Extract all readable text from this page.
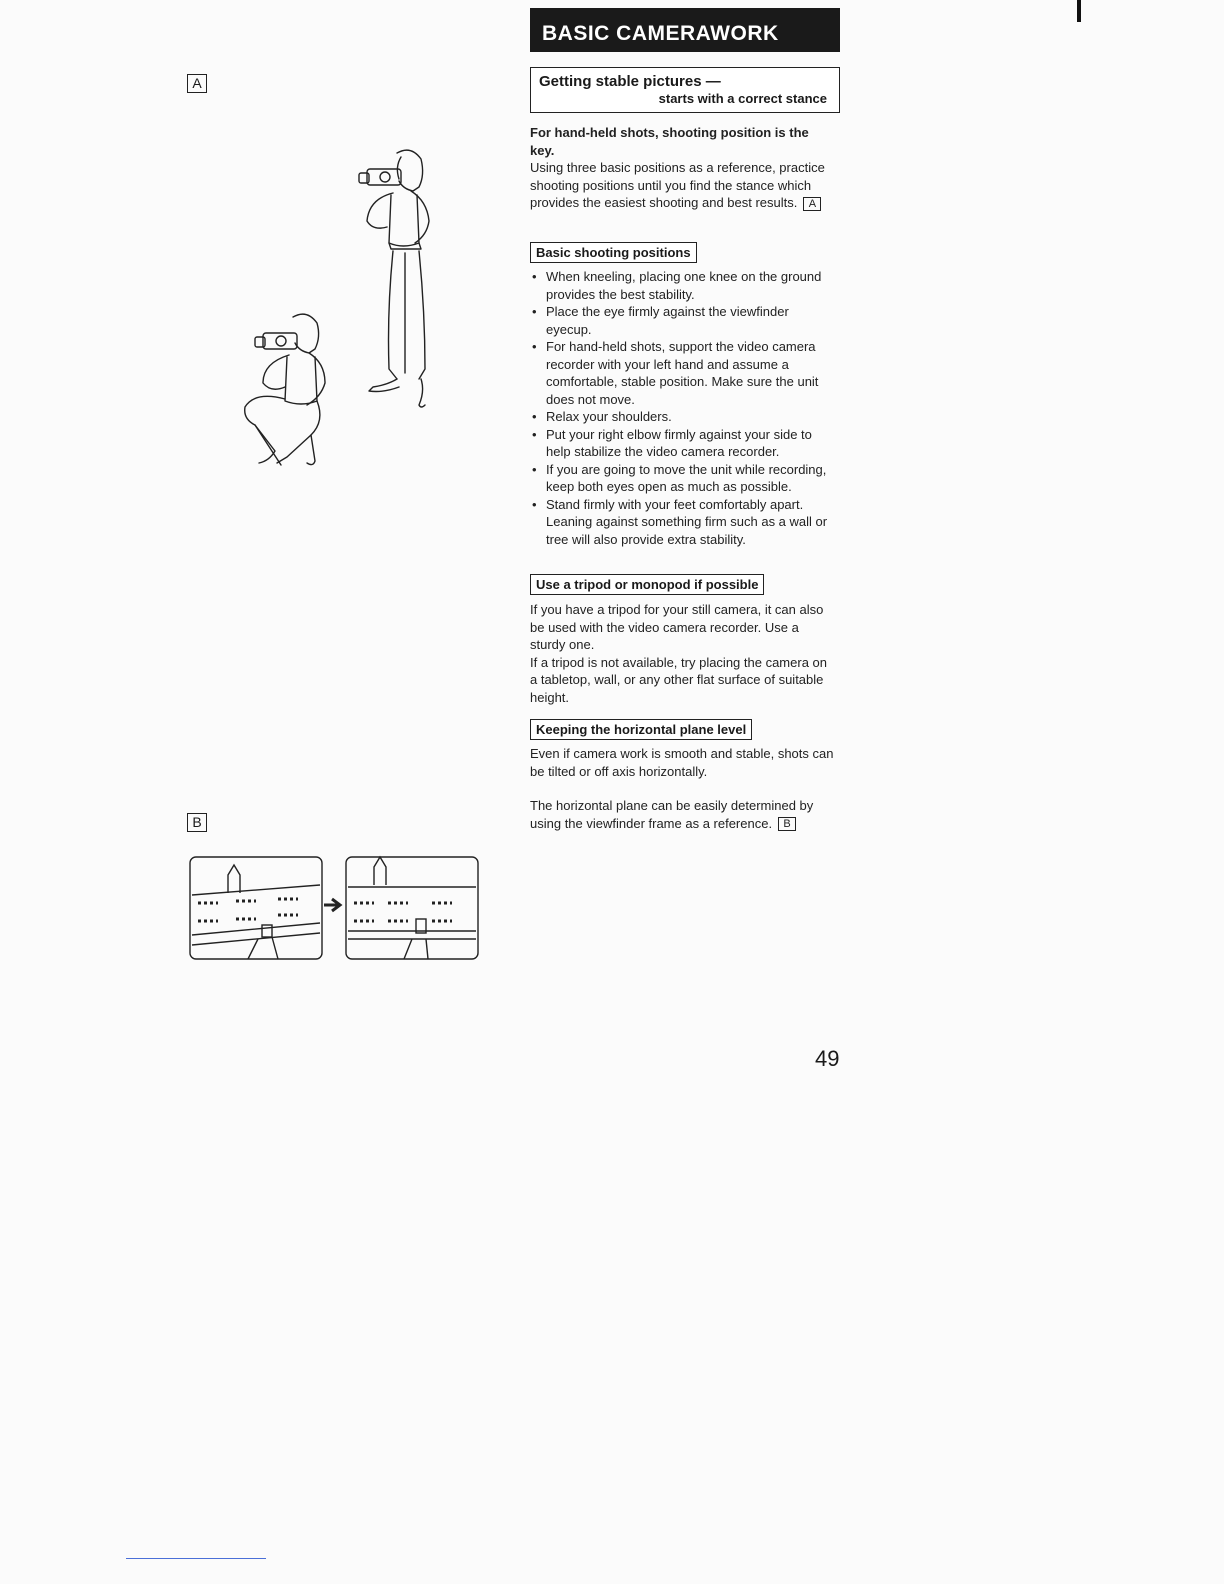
A
B
BASIC CAMERAWORK
Getting stable pictures —
starts with a correct stance
For hand-held shots, shooting position is the key.
Using three basic positions as a reference, practice shooting positions until you find the stance which provides the easiest shooting and best results. A
Basic shooting positions
• When kneeling, placing one knee on the ground provides the best stability.
• Place the eye firmly against the viewfinder eyecup.
• For hand-held shots, support the video camera recorder with your left hand and assume a comfortable, stable position. Make sure the unit does not move.
• Relax your shoulders.
• Put your right elbow firmly against your side to help stabilize the video camera recorder.
• If you are going to move the unit while recording, keep both eyes open as much as possible.
• Stand firmly with your feet comfortably apart. Leaning against something firm such as a wall or tree will also provide extra stability.
Use a tripod or monopod if possible
If you have a tripod for your still camera, it can also be used with the video camera recorder. Use a sturdy one.
If a tripod is not available, try placing the camera on a tabletop, wall, or any other flat surface of suitable height.
Keeping the horizontal plane level
Even if camera work is smooth and stable, shots can be tilted or off axis horizontally.
The horizontal plane can be easily determined by using the viewfinder frame as a reference. B
49
